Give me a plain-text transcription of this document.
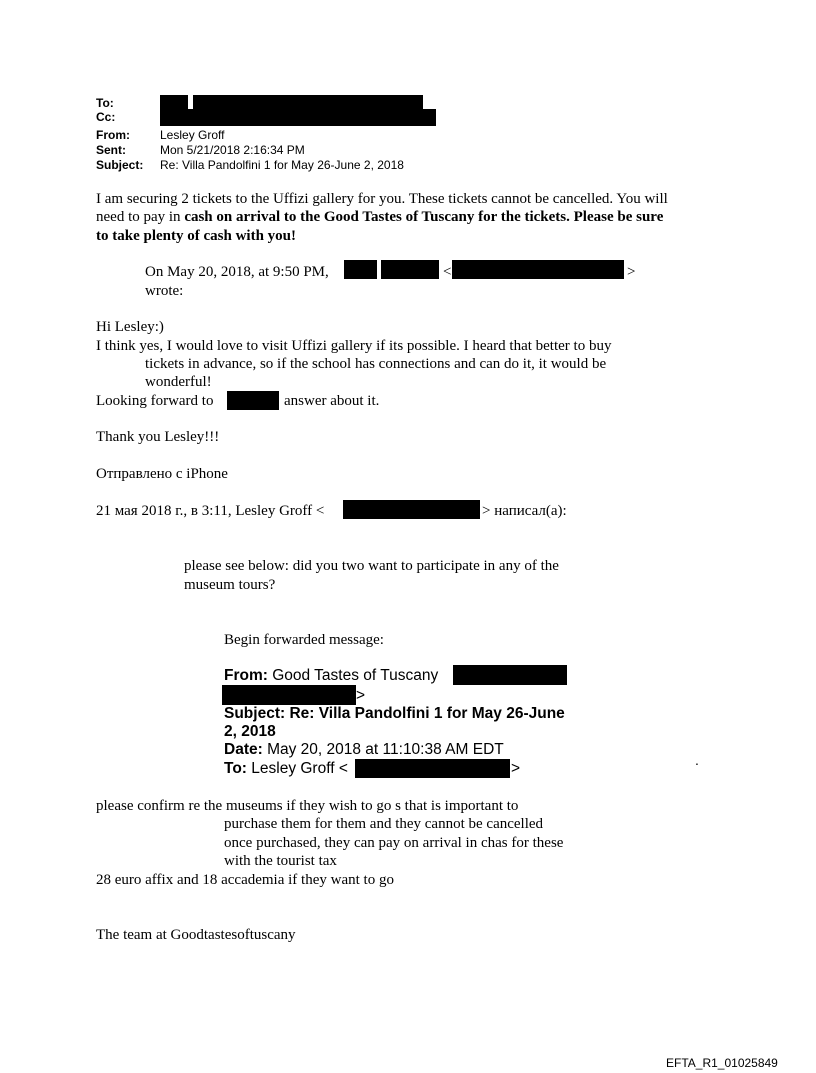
To:
Cc:
From:	Lesley Groff
Sent:	Mon 5/21/2018 2:16:34 PM
Subject: Re: Villa Pandolfini 1 for May 26-June 2, 2018
I am securing 2 tickets to the Uffizi gallery for you. These tickets cannot be cancelled. You will
need to pay in cash on arrival to the Good Tastes of Tuscany for the tickets. Please be sure
to take plenty of cash with you!
On May 20, 2018, at 9:50 PM,	<	>
wrote:
Hi Lesley:)
I think yes, I would love to visit Uffizi gallery if its possible. I heard that better to buy
tickets in advance, so if the school has connections and can do it, it would be
wonderful!
Looking forward to	answer about it.
Thank you Lesley!!!
Отправлено с iPhone
21 мая 2018 г., в 3:11, Lesley Groff <	> написал(а):
please see below: did you two want to participate in any of the
museum tours?
Begin forwarded message:
From: Good Tastes of Tuscany
>
Subject: Re: Villa Pandolfini 1 for May 26-June
2, 2018
Date: May 20, 2018 at 11:10:38 AM EDT
To: Lesley Groff <	>	.
please confirm re the museums if they wish to go s that is important to
purchase them for them and they cannot be cancelled
once purchased, they can pay on arrival in chas for these
with the tourist tax
28 euro affix and 18 accademia if they want to go
The team at Goodtastesoftuscany
EFTA_R1_01025849
